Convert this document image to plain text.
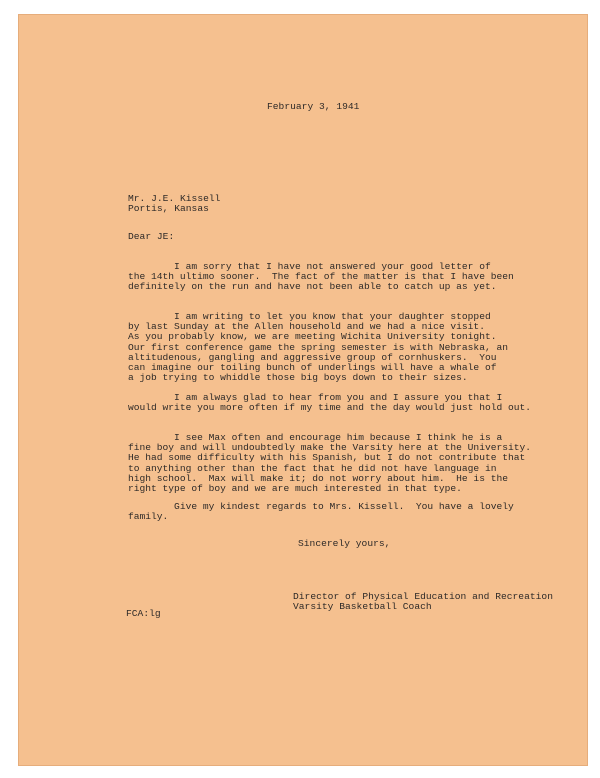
February 3, 1941
Mr. J.E. Kissell
Portis, Kansas
Dear JE:
I am sorry that I have not answered your good letter of
the 14th ultimo sooner.  The fact of the matter is that I have been
definitely on the run and have not been able to catch up as yet.
I am writing to let you know that your daughter stopped
by last Sunday at the Allen household and we had a nice visit.
As you probably know, we are meeting Wichita University tonight.
Our first conference game the spring semester is with Nebraska, an
altitudenous, gangling and aggressive group of cornhuskers.  You
can imagine our toiling bunch of underlings will have a whale of
a job trying to whiddle those big boys down to their sizes.
I am always glad to hear from you and I assure you that I
would write you more often if my time and the day would just hold out.
I see Max often and encourage him because I think he is a
fine boy and will undoubtedly make the Varsity here at the University.
He had some difficulty with his Spanish, but I do not contribute that
to anything other than the fact that he did not have language in
high school.  Max will make it; do not worry about him.  He is the
right type of boy and we are much interested in that type.
Give my kindest regards to Mrs. Kissell.  You have a lovely
family.
Sincerely yours,
Director of Physical Education and Recreation
Varsity Basketball Coach
FCA:lg
